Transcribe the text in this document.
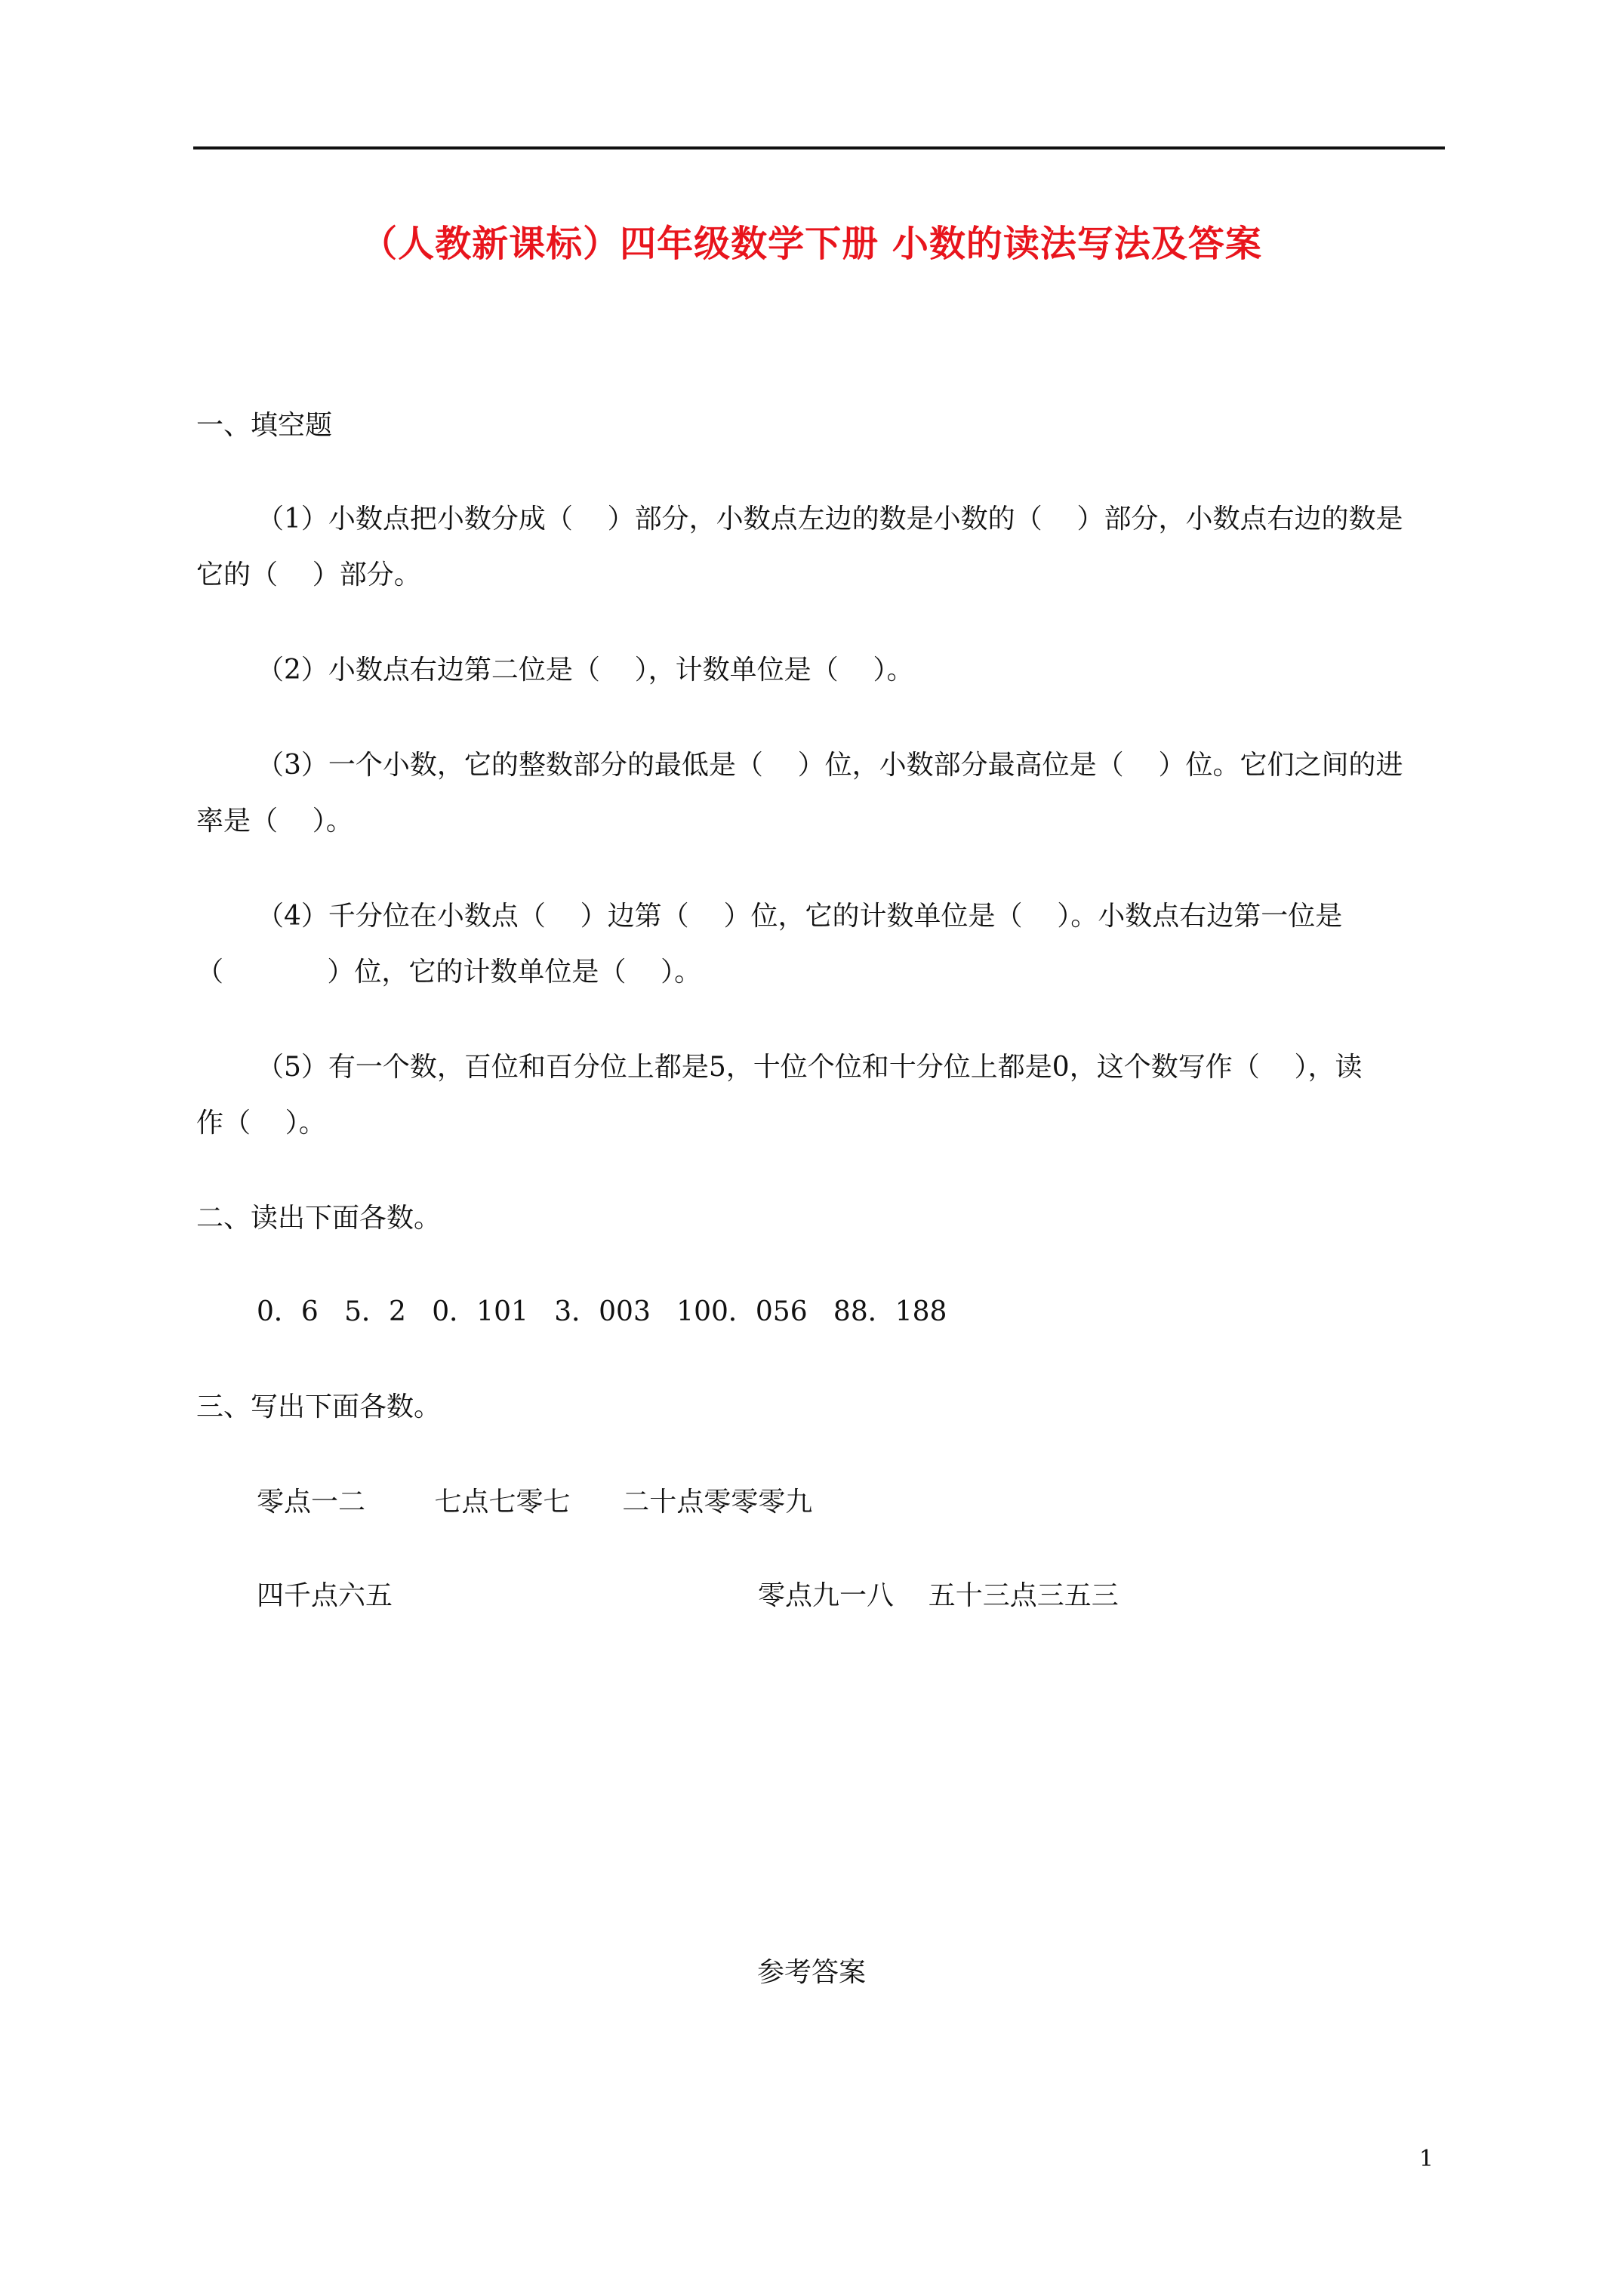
（人教新课标）四年级数学下册 小数的读法写法及答案
一、填空题
（1）小数点把小数分成（    ）部分，小数点左边的数是小数的（    ）部分，小数点右边的数是
它的（    ）部分。
（2）小数点右边第二位是（    ），计数单位是（    ）。
（3）一个小数，它的整数部分的最低是（    ）位，小数部分最高位是（    ）位。它们之间的进
率是（    ）。
（4）千分位在小数点（    ）边第（    ）位，它的计数单位是（    ）。小数点右边第一位是
（            ）位，它的计数单位是（    ）。
（5）有一个数，百位和百分位上都是5，十位个位和十分位上都是0，这个数写作（    ），读
作（    ）。
二、读出下面各数。
0．6   5．2   0．101   3．003   100．056   88．188
三、写出下面各数。
零点一二        七点七零七      二十点零零零九
四千点六五	零点九一八    五十三点三五三
参考答案
1
